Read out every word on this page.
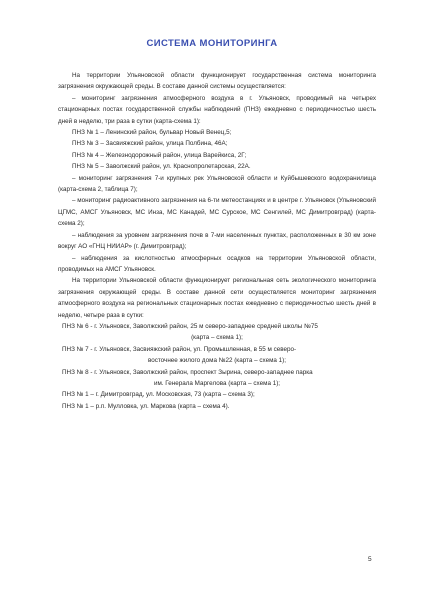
СИСТЕМА МОНИТОРИНГА

На территории Ульяновской области функционирует государственная система мониторинга загрязнения окружающей среды. В составе данной системы осуществляется:

– мониторинг загрязнения атмосферного воздуха в г. Ульяновск, проводимый на четырех стационарных постах государственной службы наблюдений (ПНЗ) ежедневно с периодичностью шесть дней в неделю, три раза в сутки (карта-схема 1):

ПНЗ № 1 – Ленинский район, бульвар Новый Венец,5;

ПНЗ № 3 – Засвияжский район, улица Полбина, 46А;

ПНЗ № 4 – Железнодорожный район, улица Варейкиса, 2Г;

ПНЗ № 5 – Заволжский район, ул. Краснопролетарская, 22А.

– мониторинг загрязнения 7-и крупных рек Ульяновской области и Куйбышевского водохранилища (карта-схема 2, таблица 7);

– мониторинг радиоактивного загрязнения на 6-ти метеостанциях и в центре г. Ульяновск (Ульяновский ЦГМС, АМСГ Ульяновск, МС Инза, МС Канадей, МС Сурское, МС Сенгилей, МС Димитровград) (карта-схема 2);

– наблюдения за уровнем загрязнения почв в 7-ми населенных пунктах, расположенных в 30 км зоне вокруг АО «ГНЦ НИИАР» (г. Димитровград);

– наблюдения за кислотностью атмосферных осадков на территории Ульяновской области, проводимых на АМСГ Ульяновск.

На территории Ульяновской области функционирует региональная сеть экологического мониторинга загрязнения окружающей среды. В составе данной сети осуществляется мониторинг загрязнения атмосферного воздуха на региональных стационарных постах ежедневно с периодичностью шесть дней в неделю, четыре раза в сутки:

ПНЗ № 6 - г. Ульяновск, Заволжский район, 25 м северо-западнее средней школы №75

(карта – схема 1);

ПНЗ № 7 - г. Ульяновск, Засвияжский район, ул. Промышленная, в 55 м северо-

восточнее жилого дома №22 (карта – схема 1);

ПНЗ № 8 - г. Ульяновск, Заволжский район, проспект Зырина, северо-западнее парка

им. Генерала Маргелова (карта – схема 1);

ПНЗ № 1 – г. Димитровград, ул. Московская, 73 (карта – схема 3);

ПНЗ № 1 – р.п. Мулловка, ул. Маркова (карта – схема 4).

5
